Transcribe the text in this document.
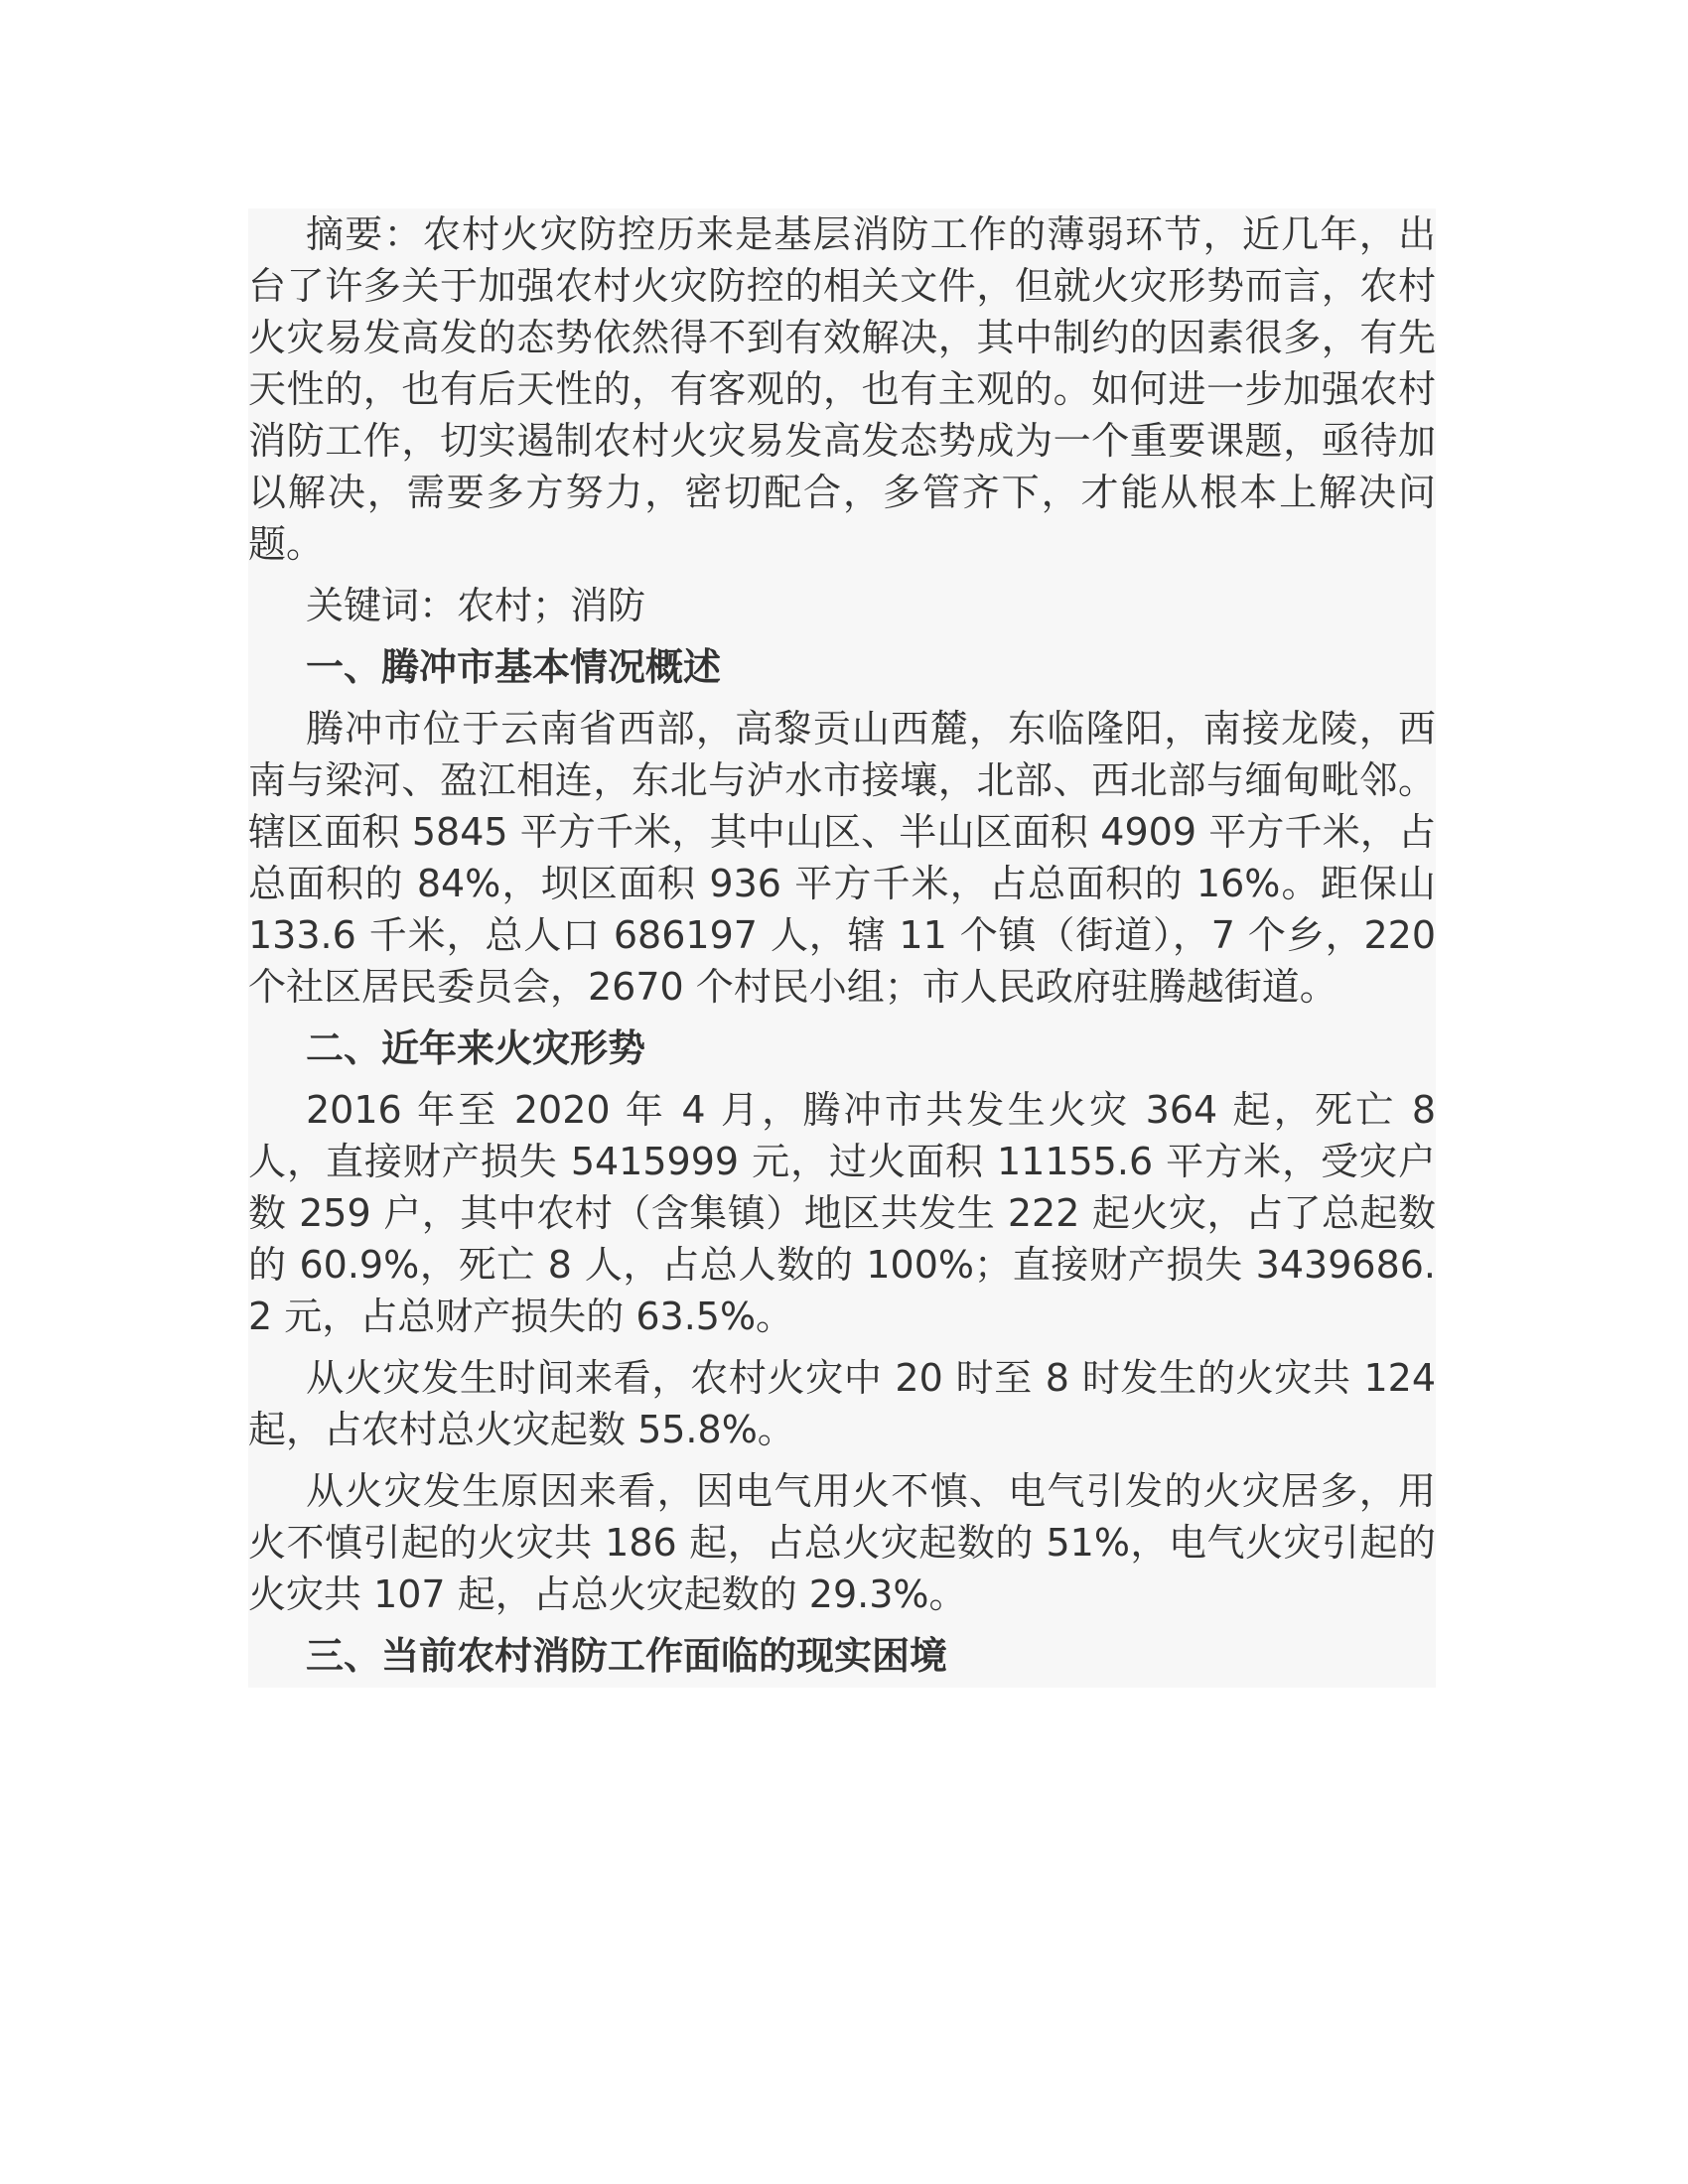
摘要：农村火灾防控历来是基层消防工作的薄弱环节，近几年，出台了许多关于加强农村火灾防控的相关文件，但就火灾形势而言，农村火灾易发高发的态势依然得不到有效解决，其中制约的因素很多，有先天性的，也有后天性的，有客观的，也有主观的。如何进一步加强农村消防工作，切实遏制农村火灾易发高发态势成为一个重要课题，亟待加以解决，需要多方努力，密切配合，多管齐下，才能从根本上解决问题。

关键词：农村；消防

一、腾冲市基本情况概述

腾冲市位于云南省西部，高黎贡山西麓，东临隆阳，南接龙陵，西南与梁河、盈江相连，东北与泸水市接壤，北部、西北部与缅甸毗邻。辖区面积 5845 平方千米，其中山区、半山区面积 4909 平方千米，占总面积的 84%，坝区面积 936 平方千米，占总面积的 16%。距保山 133.6 千米，总人口 686197 人，辖 11 个镇（街道），7 个乡，220 个社区居民委员会，2670 个村民小组；市人民政府驻腾越街道。

二、近年来火灾形势

2016 年至 2020 年 4 月，腾冲市共发生火灾 364 起，死亡 8 人，直接财产损失 5415999 元，过火面积 11155.6 平方米，受灾户数 259 户，其中农村（含集镇）地区共发生 222 起火灾，占了总起数的 60.9%，死亡 8 人，占总人数的 100%；直接财产损失 3439686.2 元，占总财产损失的 63.5%。

从火灾发生时间来看，农村火灾中 20 时至 8 时发生的火灾共 124 起，占农村总火灾起数 55.8%。

从火灾发生原因来看，因电气用火不慎、电气引发的火灾居多，用火不慎引起的火灾共 186 起，占总火灾起数的 51%，电气火灾引起的火灾共 107 起，占总火灾起数的 29.3%。

三、当前农村消防工作面临的现实困境
